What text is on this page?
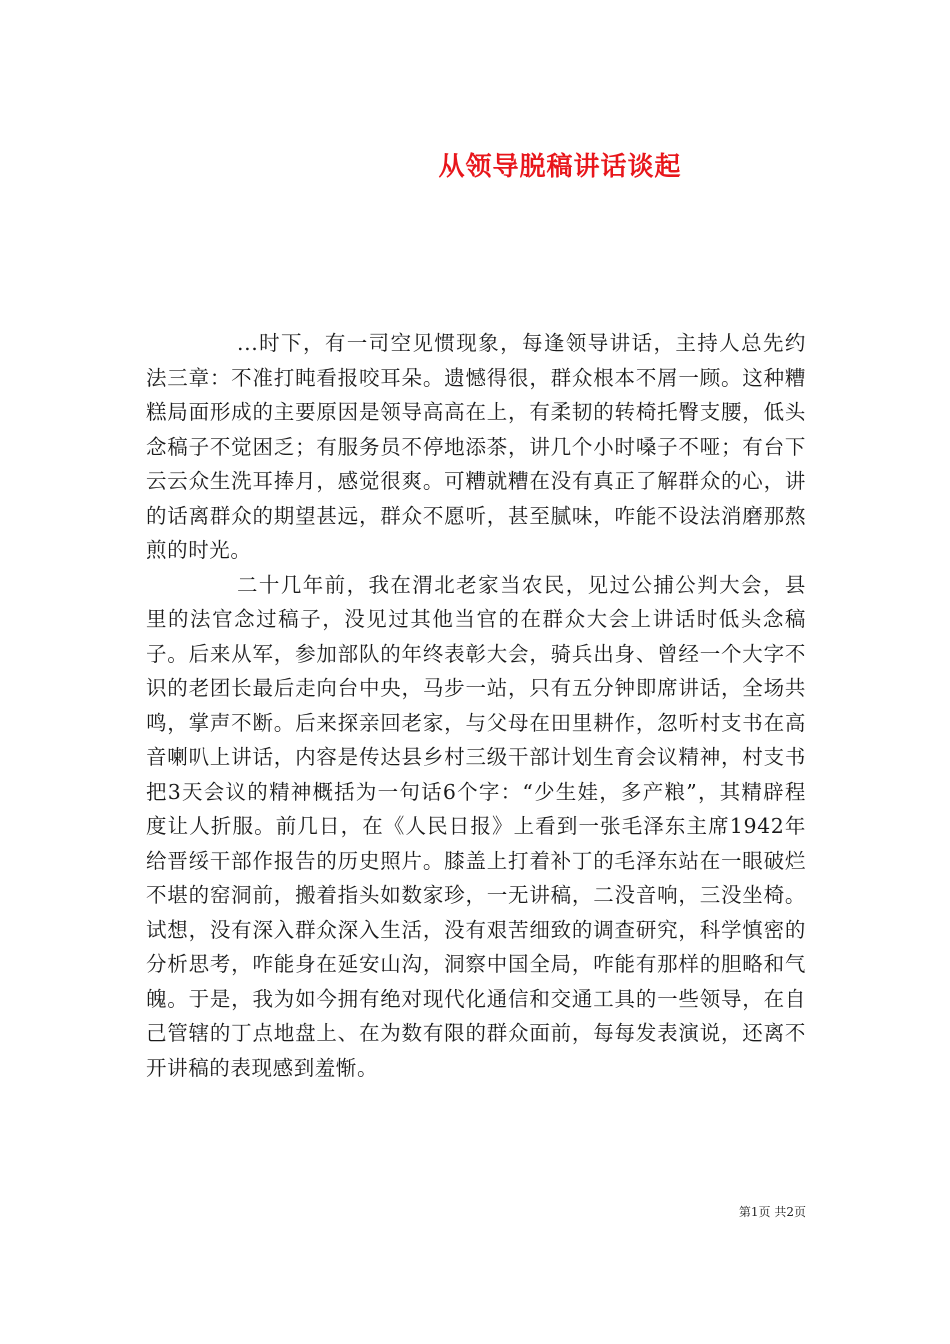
从领导脱稿讲话谈起

...时下，有一司空见惯现象，每逢领导讲话，主持人总先约法三章：不准打盹看报咬耳朵。遗憾得很，群众根本不屑一顾。这种糟糕局面形成的主要原因是领导高高在上，有柔韧的转椅托臀支腰，低头念稿子不觉困乏；有服务员不停地添茶，讲几个小时嗓子不哑；有台下云云众生洗耳捧月，感觉很爽。可糟就糟在没有真正了解群众的心，讲的话离群众的期望甚远，群众不愿听，甚至腻味，咋能不设法消磨那熬煎的时光。

二十几年前，我在渭北老家当农民，见过公捕公判大会，县里的法官念过稿子，没见过其他当官的在群众大会上讲话时低头念稿子。后来从军，参加部队的年终表彰大会，骑兵出身、曾经一个大字不识的老团长最后走向台中央，马步一站，只有五分钟即席讲话，全场共鸣，掌声不断。后来探亲回老家，与父母在田里耕作，忽听村支书在高音喇叭上讲话，内容是传达县乡村三级干部计划生育会议精神，村支书把3天会议的精神概括为一句话6个字：“少生娃，多产粮”，其精辟程度让人折服。前几日，在《人民日报》上看到一张毛泽东主席1942年给晋绥干部作报告的历史照片。膝盖上打着补丁的毛泽东站在一眼破烂不堪的窑洞前，搬着指头如数家珍，一无讲稿，二没音响，三没坐椅。试想，没有深入群众深入生活，没有艰苦细致的调查研究，科学慎密的分析思考，咋能身在延安山沟，洞察中国全局，咋能有那样的胆略和气魄。于是，我为如今拥有绝对现代化通信和交通工具的一些领导，在自己管辖的丁点地盘上、在为数有限的群众面前，每每发表演说，还离不开讲稿的表现感到羞惭。

第1页 共2页
